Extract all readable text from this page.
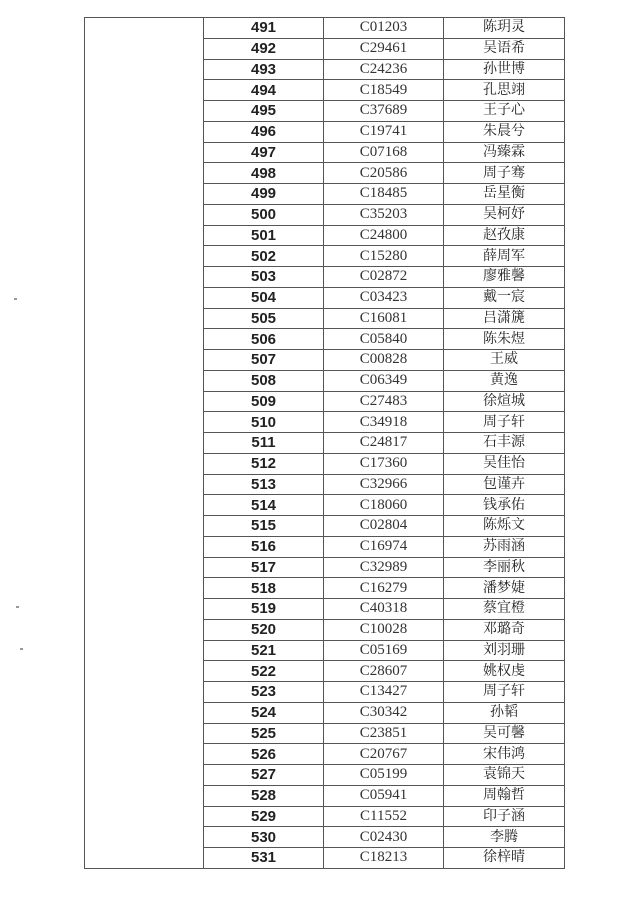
	491	C01203	陈玥灵
	492	C29461	吴语希
	493	C24236	孙世博
	494	C18549	孔思翊
	495	C37689	王子心
	496	C19741	朱晨兮
	497	C07168	冯臻霖
	498	C20586	周子骞
	499	C18485	岳星衡
	500	C35203	吴柯妤
	501	C24800	赵孜康
	502	C15280	薛周军
	503	C02872	廖雅馨
	504	C03423	戴一宸
	505	C16081	吕潇篪
	506	C05840	陈朱煜
	507	C00828	王威
	508	C06349	黄逸
	509	C27483	徐煊城
	510	C34918	周子轩
	511	C24817	石丰源
	512	C17360	吴佳怡
	513	C32966	包谨卉
	514	C18060	钱承佑
	515	C02804	陈烁文
	516	C16974	苏雨涵
	517	C32989	李丽秋
	518	C16279	潘梦婕
	519	C40318	蔡宜橙
	520	C10028	邓璐奇
	521	C05169	刘羽珊
	522	C28607	姚权虔
	523	C13427	周子轩
	524	C30342	孙韬
	525	C23851	吴可馨
	526	C20767	宋伟鸿
	527	C05199	袁锦天
	528	C05941	周翰哲
	529	C11552	印子涵
	530	C02430	李腾
	531	C18213	徐梓晴
